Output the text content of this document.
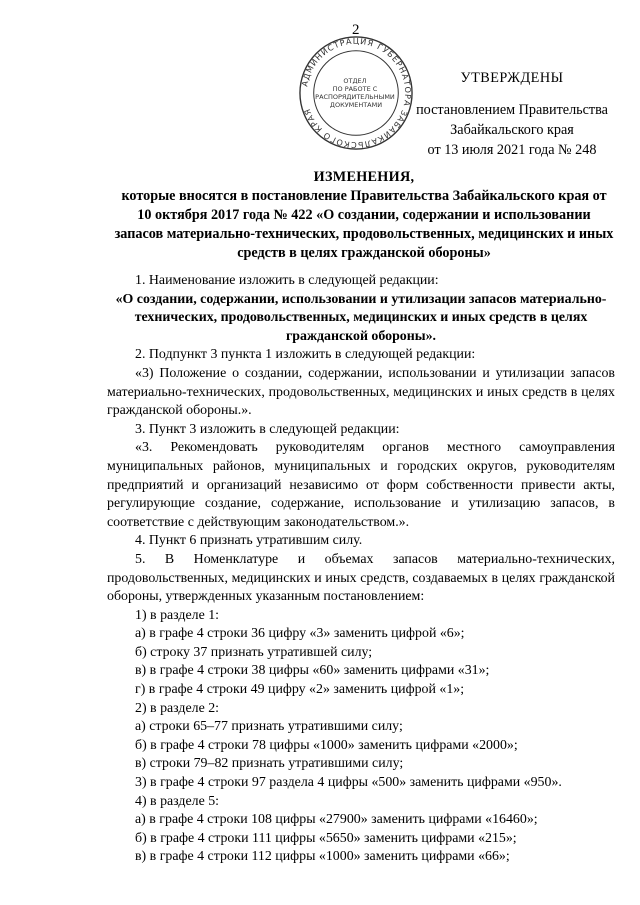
2
АДМИНИСТРАЦИЯ ГУБЕРНАТОРА ЗАБАЙКАЛЬСКОГО КРАЯ
ОТДЕЛ ПО РАБОТЕ С РАСПОРЯДИТЕЛЬНЫМИ ДОКУМЕНТАМИ
УТВЕРЖДЕНЫ
постановлением Правительства
Забайкальского края
от 13 июля 2021 года № 248
ИЗМЕНЕНИЯ,
которые вносятся в постановление Правительства Забайкальского края от 10 октября 2017 года № 422 «О создании, содержании и использовании запасов материально-технических, продовольственных, медицинских и иных средств в целях гражданской обороны»

1. Наименование изложить в следующей редакции:

«О создании, содержании, использовании и утилизации запасов материально-технических, продовольственных, медицинских и иных средств в целях гражданской обороны».

2. Подпункт 3 пункта 1 изложить в следующей редакции:

«3) Положение о создании, содержании, использовании и утилизации запасов материально-технических, продовольственных, медицинских и иных средств в целях гражданской обороны.».

3. Пункт 3 изложить в следующей редакции:

«3. Рекомендовать руководителям органов местного самоуправления муниципальных районов, муниципальных и городских округов, руководителям предприятий и организаций независимо от форм собственности привести акты, регулирующие создание, содержание, использование и утилизацию запасов, в соответствие с действующим законодательством.».

4. Пункт 6 признать утратившим силу.

5. В Номенклатуре и объемах запасов материально-технических, продовольственных, медицинских и иных средств, создаваемых в целях гражданской обороны, утвержденных указанным постановлением:

1) в разделе 1:

а) в графе 4 строки 36 цифру «3» заменить цифрой «6»;

б) строку 37 признать утратившей силу;

в) в графе 4 строки 38 цифры «60» заменить цифрами «31»;

г) в графе 4 строки 49 цифру «2» заменить цифрой «1»;

2) в разделе 2:

а) строки 65–77 признать утратившими силу;

б) в графе 4 строки 78 цифры «1000» заменить цифрами «2000»;

в) строки 79–82 признать утратившими силу;

3) в графе 4 строки 97 раздела 4 цифры «500» заменить цифрами «950».

4) в разделе 5:

а) в графе 4 строки 108 цифры «27900» заменить цифрами «16460»;

б) в графе 4 строки 111 цифры «5650» заменить цифрами «215»;

в) в графе 4 строки 112 цифры «1000» заменить цифрами «66»;
